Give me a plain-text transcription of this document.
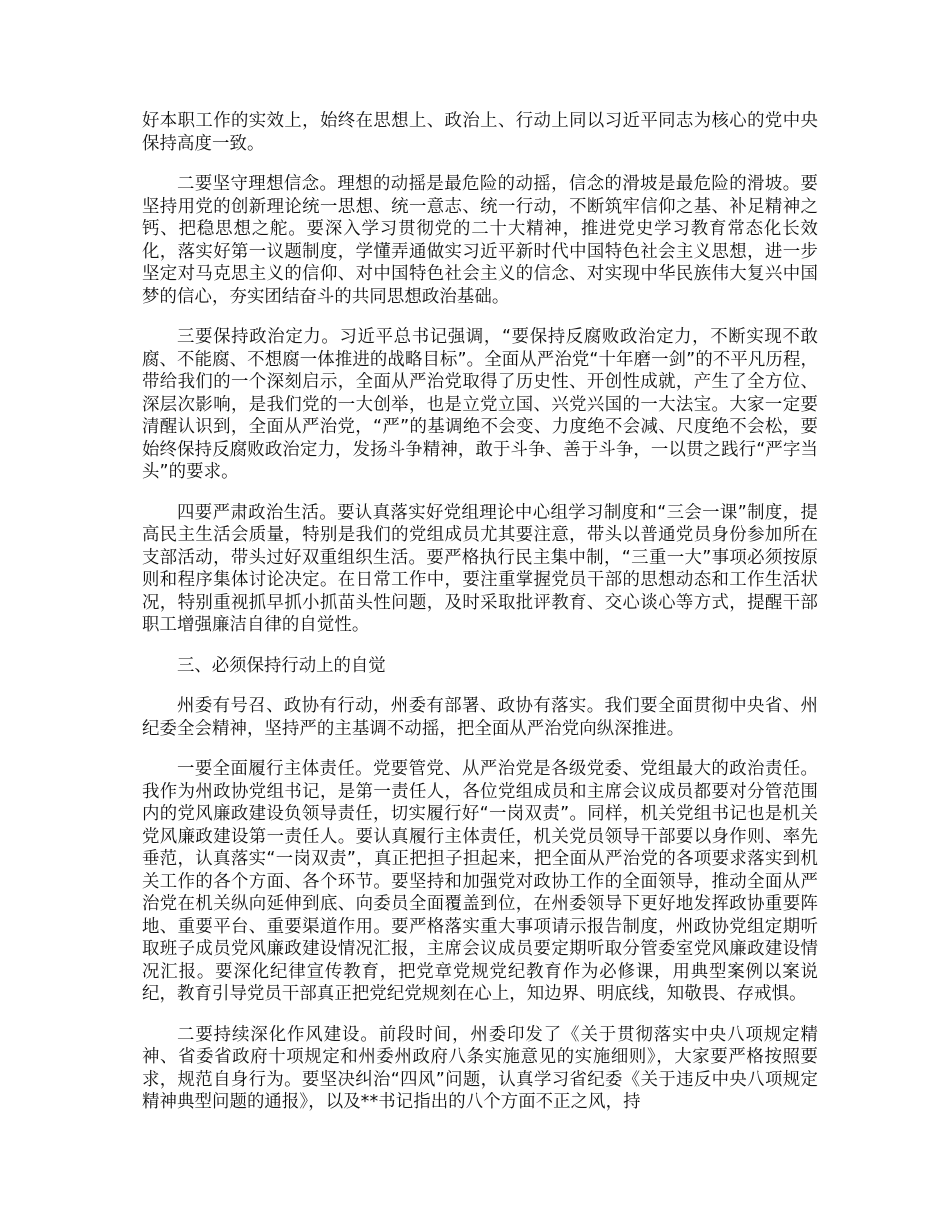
好本职工作的实效上，始终在思想上、政治上、行动上同以习近平同志为核心的党中央保持高度一致。

二要坚守理想信念。理想的动摇是最危险的动摇，信念的滑坡是最危险的滑坡。要坚持用党的创新理论统一思想、统一意志、统一行动，不断筑牢信仰之基、补足精神之钙、把稳思想之舵。要深入学习贯彻党的二十大精神，推进党史学习教育常态化长效化，落实好第一议题制度，学懂弄通做实习近平新时代中国特色社会主义思想，进一步坚定对马克思主义的信仰、对中国特色社会主义的信念、对实现中华民族伟大复兴中国梦的信心，夯实团结奋斗的共同思想政治基础。

三要保持政治定力。习近平总书记强调，“要保持反腐败政治定力，不断实现不敢腐、不能腐、不想腐一体推进的战略目标”。全面从严治党“十年磨一剑”的不平凡历程，带给我们的一个深刻启示，全面从严治党取得了历史性、开创性成就，产生了全方位、深层次影响，是我们党的一大创举，也是立党立国、兴党兴国的一大法宝。大家一定要清醒认识到，全面从严治党，“严”的基调绝不会变、力度绝不会减、尺度绝不会松，要始终保持反腐败政治定力，发扬斗争精神，敢于斗争、善于斗争，一以贯之践行“严字当头”的要求。

四要严肃政治生活。要认真落实好党组理论中心组学习制度和“三会一课”制度，提高民主生活会质量，特别是我们的党组成员尤其要注意，带头以普通党员身份参加所在支部活动，带头过好双重组织生活。要严格执行民主集中制，“三重一大”事项必须按原则和程序集体讨论决定。在日常工作中，要注重掌握党员干部的思想动态和工作生活状况，特别重视抓早抓小抓苗头性问题，及时采取批评教育、交心谈心等方式，提醒干部职工增强廉洁自律的自觉性。

三、必须保持行动上的自觉

州委有号召、政协有行动，州委有部署、政协有落实。我们要全面贯彻中央省、州纪委全会精神，坚持严的主基调不动摇，把全面从严治党向纵深推进。

一要全面履行主体责任。党要管党、从严治党是各级党委、党组最大的政治责任。我作为州政协党组书记，是第一责任人，各位党组成员和主席会议成员都要对分管范围内的党风廉政建设负领导责任，切实履行好“一岗双责”。同样，机关党组书记也是机关党风廉政建设第一责任人。要认真履行主体责任，机关党员领导干部要以身作则、率先垂范，认真落实“一岗双责”，真正把担子担起来，把全面从严治党的各项要求落实到机关工作的各个方面、各个环节。要坚持和加强党对政协工作的全面领导，推动全面从严治党在机关纵向延伸到底、向委员全面覆盖到位，在州委领导下更好地发挥政协重要阵地、重要平台、重要渠道作用。要严格落实重大事项请示报告制度，州政协党组定期听取班子成员党风廉政建设情况汇报，主席会议成员要定期听取分管委室党风廉政建设情况汇报。要深化纪律宣传教育，把党章党规党纪教育作为必修课，用典型案例以案说纪，教育引导党员干部真正把党纪党规刻在心上，知边界、明底线，知敬畏、存戒惧。

二要持续深化作风建设。前段时间，州委印发了《关于贯彻落实中央八项规定精神、省委省政府十项规定和州委州政府八条实施意见的实施细则》，大家要严格按照要求，规范自身行为。要坚决纠治“四风”问题，认真学习省纪委《关于违反中央八项规定精神典型问题的通报》，以及**书记指出的八个方面不正之风，持
